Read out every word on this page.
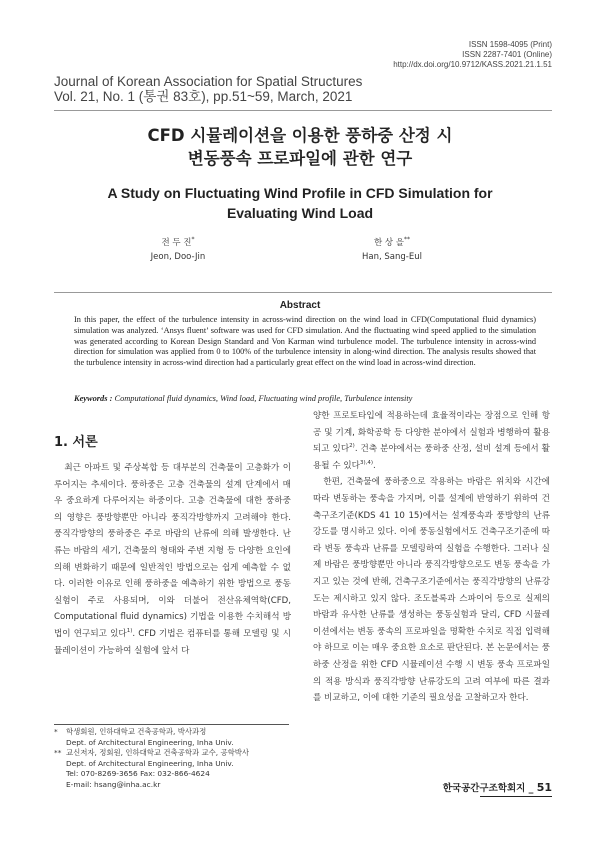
ISSN 1598-4095 (Print)
ISSN 2287-7401 (Online)
http://dx.doi.org/10.9712/KASS.2021.21.1.51
Journal of Korean Association for Spatial Structures
Vol. 21, No. 1 (통권 83호), pp.51~59, March, 2021
CFD 시뮬레이션을 이용한 풍하중 산정 시
변동풍속 프로파일에 관한 연구
A Study on Fluctuating Wind Profile in CFD Simulation for
Evaluating Wind Load
전 두 진*
Jeon, Doo-Jin
한 상 을**
Han, Sang-Eul
Abstract
In this paper, the effect of the turbulence intensity in across-wind direction on the wind load in CFD(Computational fluid dynamics) simulation was analyzed. ‘Ansys fluent’ software was used for CFD simulation. And the fluctuating wind speed applied to the simulation was generated according to Korean Design Standard and Von Karman wind turbulence model. The turbulence intensity in across-wind direction for simulation was applied from 0 to 100% of the turbulence intensity in along-wind direction. The analysis results showed that the turbulence intensity in across-wind direction had a particularly great effect on the wind load in across-wind direction.
Keywords : Computational fluid dynamics, Wind load, Fluctuating wind profile, Turbulence intensity
1. 서론

최근 아파트 및 주상복합 등 대부분의 건축물이 고층화가 이루어지는 추세이다. 풍하중은 고층 건축물의 설계 단계에서 매우 중요하게 다루어지는 하중이다. 고층 건축물에 대한 풍하중의 영향은 풍방향뿐만 아니라 풍직각방향까지 고려해야 한다. 풍직각방향의 풍하중은 주로 바람의 난류에 의해 발생한다. 난류는 바람의 세기, 건축물의 형태와 주변 지형 등 다양한 요인에 의해 변화하기 때문에 일반적인 방법으로는 쉽게 예측할 수 없다. 이러한 이유로 인해 풍하중을 예측하기 위한 방법으로 풍동실험이 주로 사용되며, 이와 더불어 전산유체역학(CFD, Computational fluid dynamics) 기법을 이용한 수치해석 방법이 연구되고 있다$^{1)}$. CFD 기법은 컴퓨터를 통해 모델링 및 시뮬레이션이 가능하여 실험에 앞서 다

양한 프로토타입에 적용하는데 효율적이라는 장점으로 인해 항공 및 기계, 화학공학 등 다양한 분야에서 실험과 병행하여 활용되고 있다$^{2)}$. 건축 분야에서는 풍하중 산정, 설비 설계 등에서 활용될 수 있다$^{3),4)}$.

한편, 건축물에 풍하중으로 작용하는 바람은 위치와 시간에 따라 변동하는 풍속을 가지며, 이를 설계에 반영하기 위하여 건축구조기준(KDS 41 10 15)에서는 설계풍속과 풍방향의 난류강도를 명시하고 있다. 이에 풍동실험에서도 건축구조기준에 따라 변동 풍속과 난류를 모델링하여 실험을 수행한다. 그러나 실제 바람은 풍방향뿐만 아니라 풍직각방향으로도 변동 풍속을 가지고 있는 것에 반해, 건축구조기준에서는 풍직각방향의 난류강도는 제시하고 있지 않다. 조도블록과 스파이어 등으로 실제의 바람과 유사한 난류를 생성하는 풍동실험과 달리, CFD 시뮬레이션에서는 변동 풍속의 프로파일을 명확한 수치로 직접 입력해야 하므로 이는 매우 중요한 요소로 판단된다. 본 논문에서는 풍하중 산정을 위한 CFD 시뮬레이션 수행 시 변동 풍속 프로파일의 적용 방식과 풍직각방향 난류강도의 고려 여부에 따른 결과를 비교하고, 이에 대한 기준의 필요성을 고찰하고자 한다.

* 학생회원, 인하대학교 건축공학과, 박사과정
Dept. of Architectural Engineering, Inha Univ.
** 교신저자, 정회원, 인하대학교 건축공학과 교수, 공학박사
Dept. of Architectural Engineering, Inha Univ.
Tel: 070-8269-3656 Fax: 032-866-4624
E-mail: hsang@inha.ac.kr	한국공간구조학회지 _ 51
